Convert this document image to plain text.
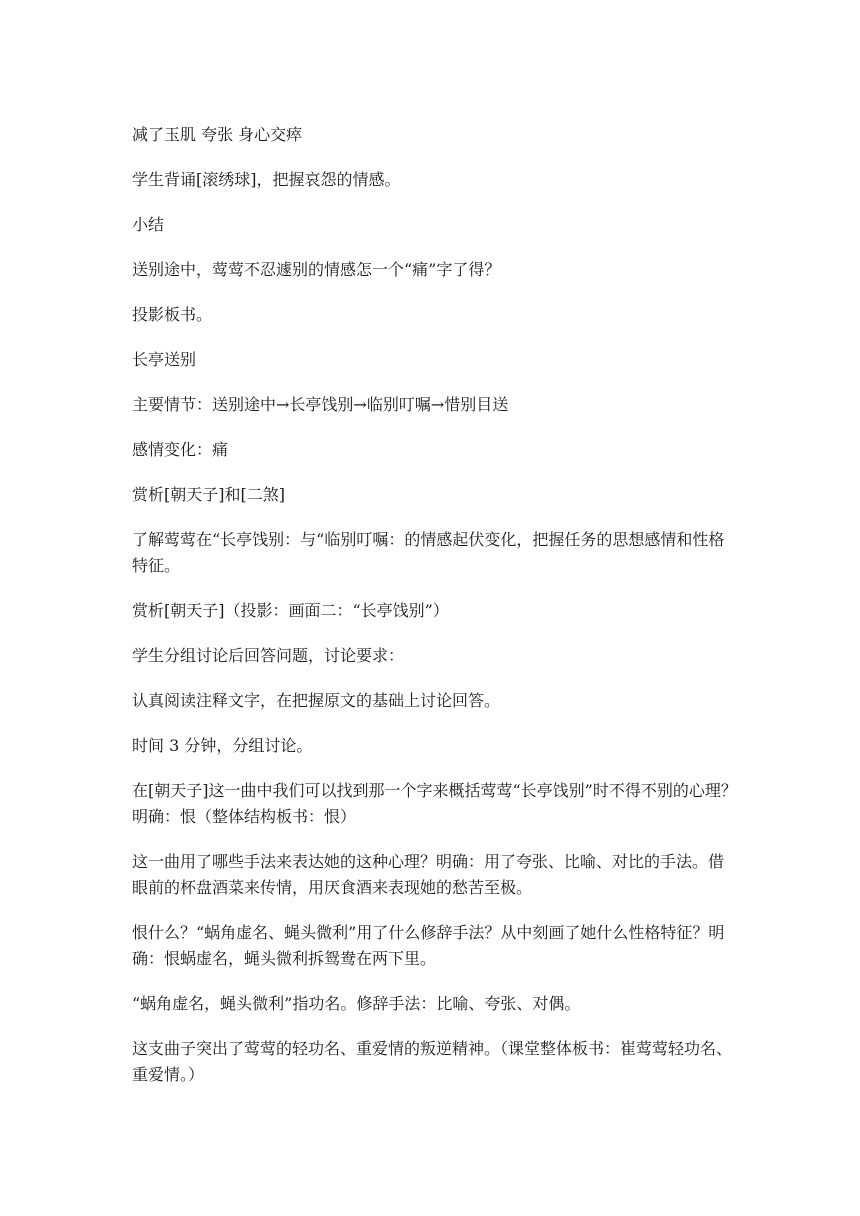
减了玉肌 夸张 身心交瘁

学生背诵[滚绣球]，把握哀怨的情感。

小结

送别途中，莺莺不忍遽别的情感怎一个“痛”字了得？

投影板书。

长亭送别

主要情节：送别途中→长亭饯别→临别叮嘱→惜别目送

感情变化：痛

赏析[朝天子]和[二煞]

了解莺莺在“长亭饯别：与“临别叮嘱：的情感起伏变化，把握任务的思想感情和性格特征。

赏析[朝天子]（投影：画面二：“长亭饯别”）

学生分组讨论后回答问题，讨论要求：

认真阅读注释文字，在把握原文的基础上讨论回答。

时间 3 分钟，分组讨论。

在[朝天子]这一曲中我们可以找到那一个字来概括莺莺“长亭饯别”时不得不别的心理？明确：恨（整体结构板书：恨）

这一曲用了哪些手法来表达她的这种心理？明确：用了夸张、比喻、对比的手法。借眼前的杯盘酒菜来传情，用厌食酒来表现她的愁苦至极。

恨什么？“蜗角虚名、蝇头微利”用了什么修辞手法？从中刻画了她什么性格特征？明确：恨蜗虚名，蝇头微利拆鸳鸯在两下里。

“蜗角虚名，蝇头微利”指功名。修辞手法：比喻、夸张、对偶。

这支曲子突出了莺莺的轻功名、重爱情的叛逆精神。（课堂整体板书：崔莺莺轻功名、重爱情。）
